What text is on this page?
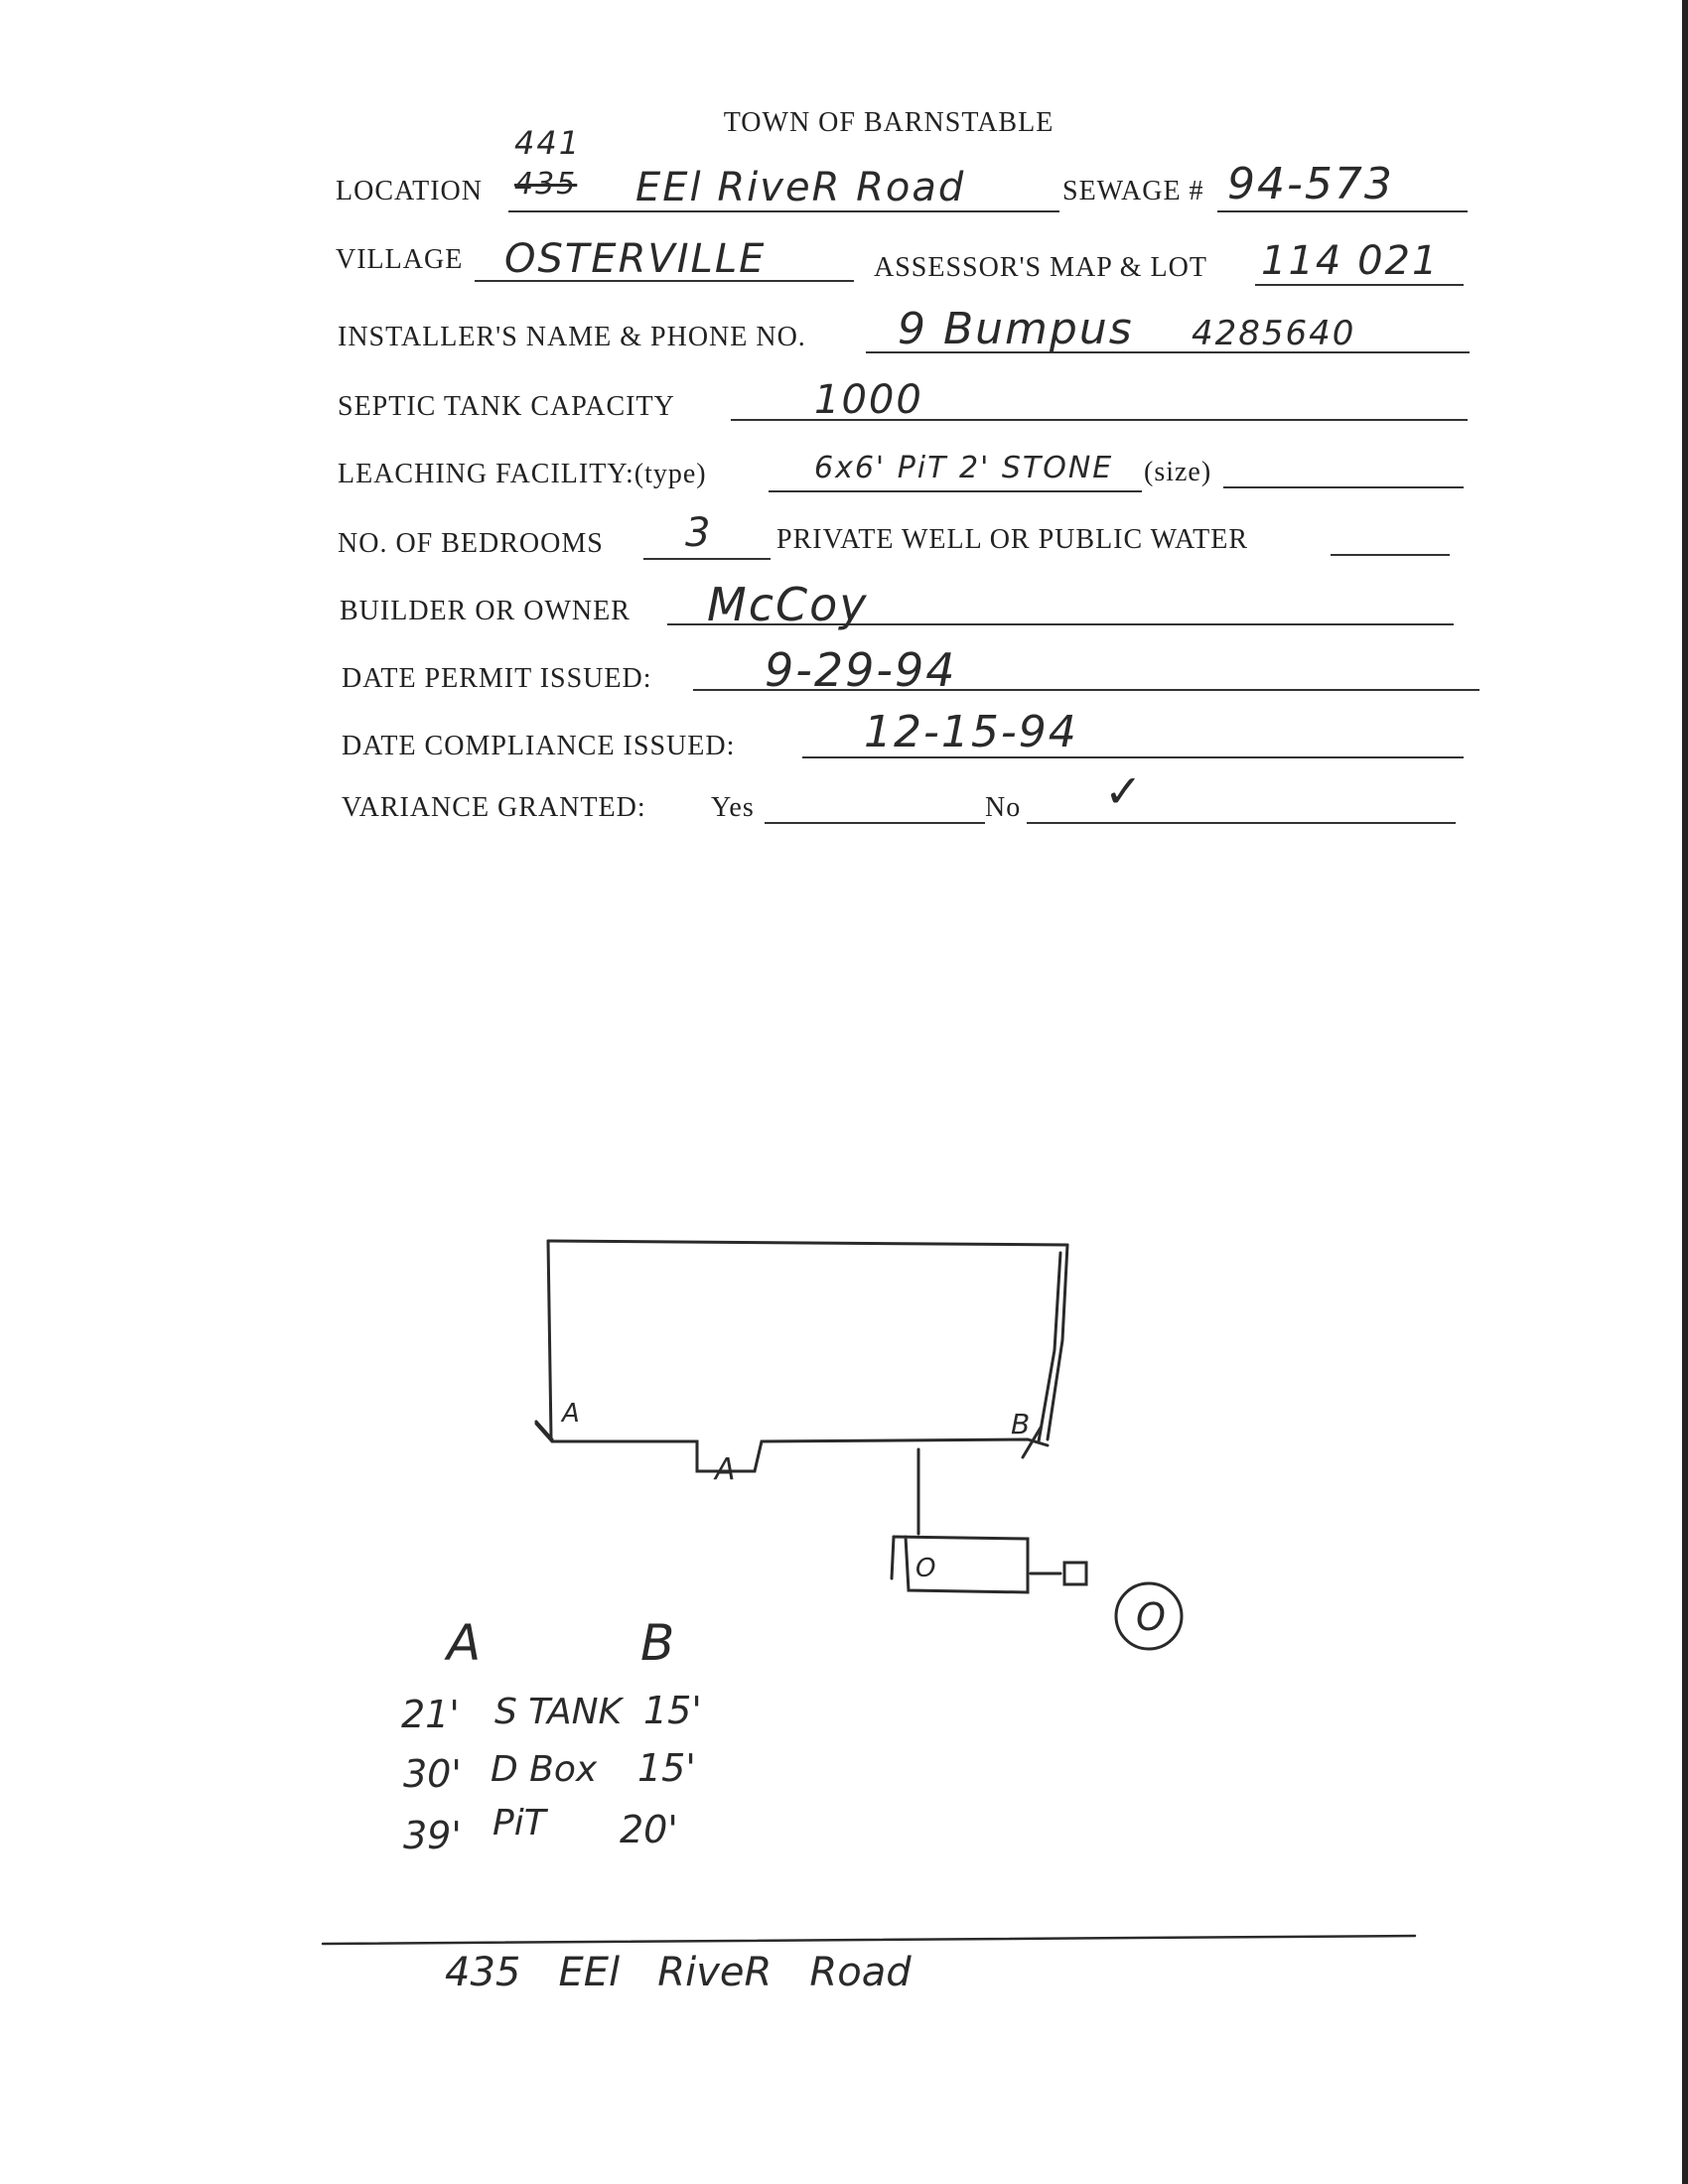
TOWN OF BARNSTABLE
LOCATION
441
435 EEl RiveR Road	SEWAGE # 94-573
VILLAGE OSTERVILLE	ASSESSOR'S MAP & LOT 114 021
INSTALLER'S NAME & PHONE NO. 9 Bumpus 4285640
SEPTIC TANK CAPACITY	1000
LEACHING FACILITY:(type)	6x6' PiT 2' STONE (size)
NO. OF BEDROOMS 3 PRIVATE WELL OR PUBLIC WATER
BUILDER OR OWNER McCoy
DATE PERMIT ISSUED: 9-29-94
DATE COMPLIANCE ISSUED:	12-15-94
VARIANCE GRANTED: Yes	No ✓
A	B
A
O
O
A	B
21' S TANK 15'
30' D Box 15'
39' PiT 20'
435   EEl   RiveR   Road
